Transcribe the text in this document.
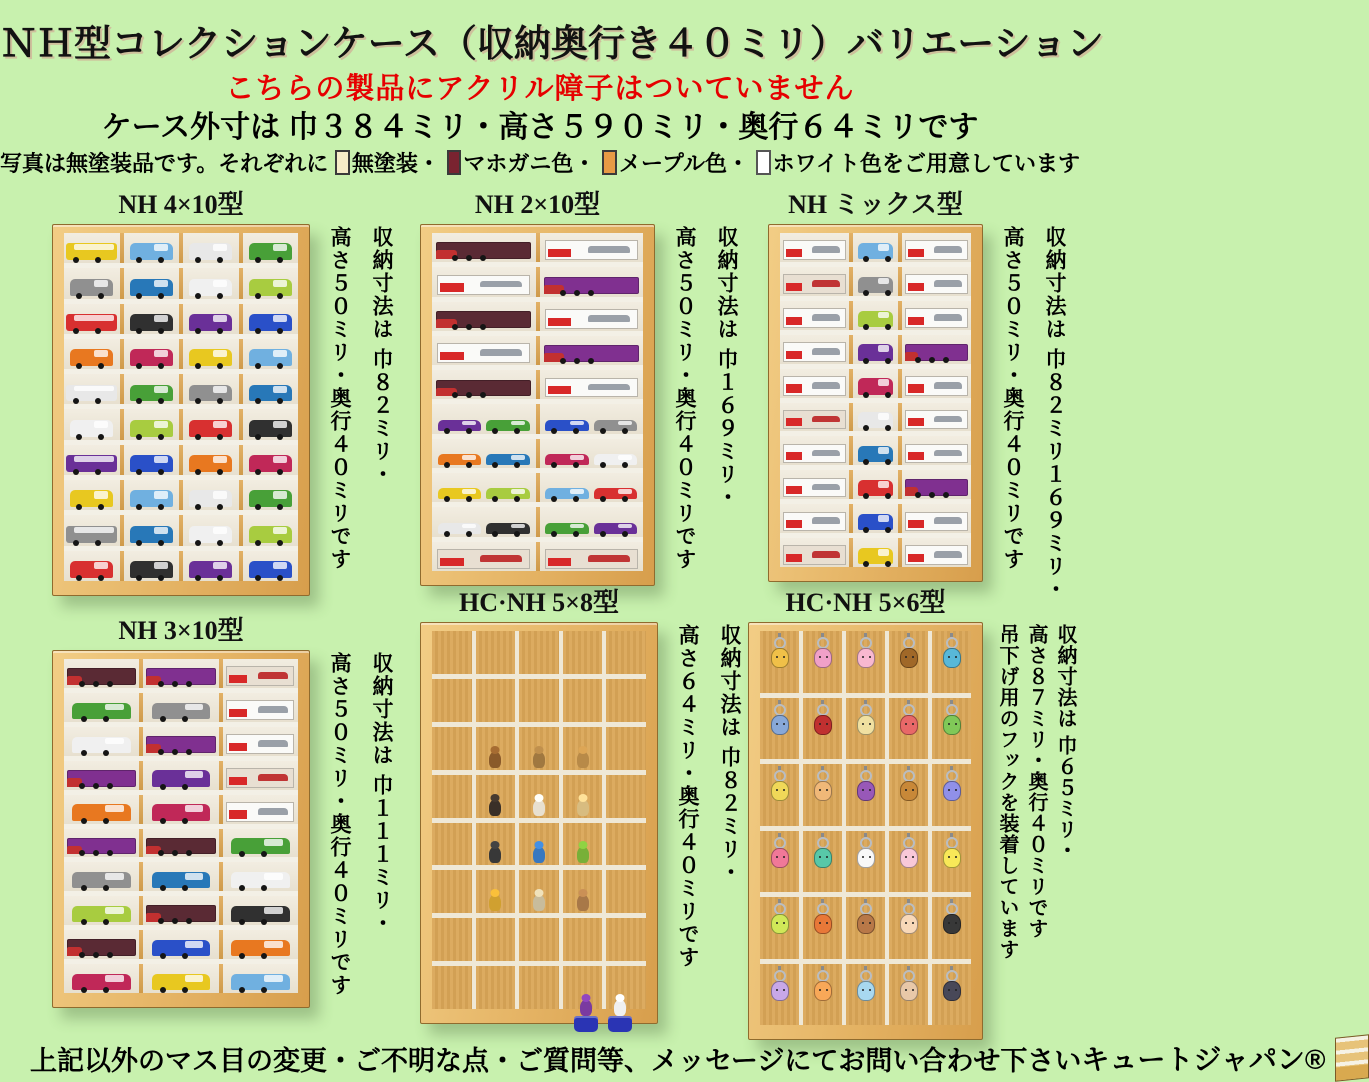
ＮＨ型コレクションケース（収納奥行き４０ミリ）バリエーション
こちらの製品にアクリル障子はついていません
ケース外寸は 巾３８４ミリ・高さ５９０ミリ・奥行６４ミリです
写真は無塗装品です。それぞれに 無塗装 ・ マホガニ色 ・ メープル色 ・ ホワイト色 をご用意しています
NH 4×10型
収納寸法は 巾８２ミリ・
高さ５０ミリ・奥行４０ミリです
NH 2×10型
収納寸法は 巾１６９ミリ・
高さ５０ミリ・奥行４０ミリです
NH ミックス型
収納寸法は 巾８２ミリ１６９ミリ・
高さ５０ミリ・奥行４０ミリです
NH 3×10型
収納寸法は 巾１１１ミリ・
高さ５０ミリ・奥行４０ミリです
HC·NH 5×8型
収納寸法は 巾８２ミリ・
高さ６４ミリ・奥行４０ミリです
HC·NH 5×6型
収納寸法は 巾６５ミリ・
高さ８７ミリ・奥行４０ミリです
吊下げ用のフックを装着しています
上記以外のマス目の変更・ご不明な点・ご質問等、メッセージにてお問い合わせ下さい キュートジャパン®
